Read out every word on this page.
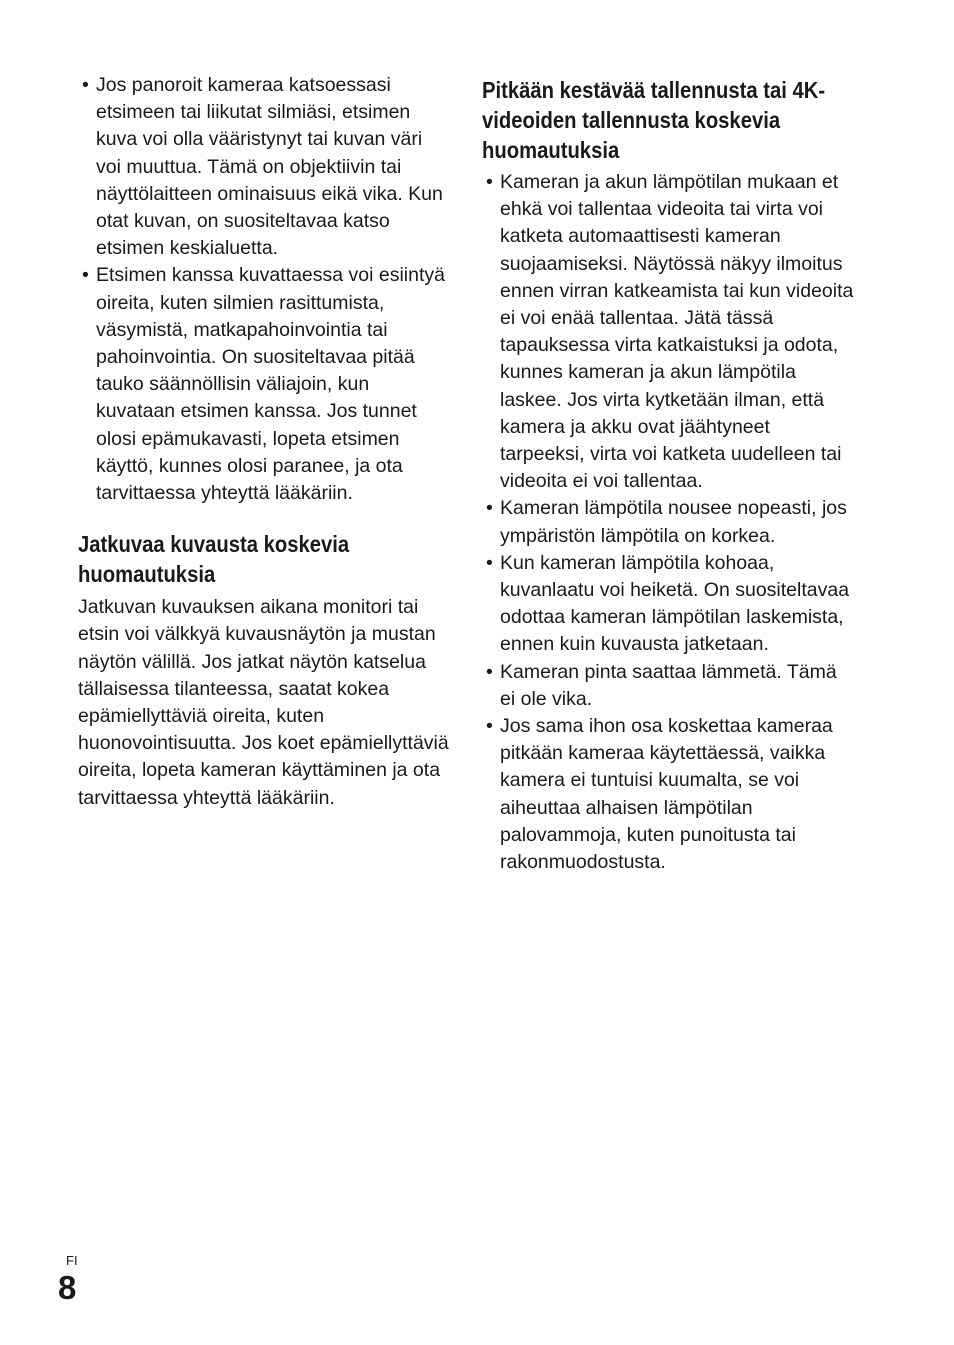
• Jos panoroit kameraa katsoessasi etsimeen tai liikutat silmiäsi, etsimen kuva voi olla vääristynyt tai kuvan väri voi muuttua. Tämä on objektiivin tai näyttölaitteen ominaisuus eikä vika. Kun otat kuvan, on suositeltavaa katso etsimen keskialuetta.
• Etsimen kanssa kuvattaessa voi esiintyä oireita, kuten silmien rasittumista, väsymistä, matkapahoinvointia tai pahoinvointia. On suositeltavaa pitää tauko säännöllisin väliajoin, kun kuvataan etsimen kanssa. Jos tunnet olosi epämukavasti, lopeta etsimen käyttö, kunnes olosi paranee, ja ota tarvittaessa yhteyttä lääkäriin.
Jatkuvaa kuvausta koskevia huomautuksia

Jatkuvan kuvauksen aikana monitori tai etsin voi välkkyä kuvausnäytön ja mustan näytön välillä. Jos jatkat näytön katselua tällaisessa tilanteessa, saatat kokea epämiellyttäviä oireita, kuten huonovointisuutta. Jos koet epämiellyttäviä oireita, lopeta kameran käyttäminen ja ota tarvittaessa yhteyttä lääkäriin.

Pitkään kestävää tallennusta tai 4K-videoiden tallennusta koskevia huomautuksia
• Kameran ja akun lämpötilan mukaan et ehkä voi tallentaa videoita tai virta voi katketa automaattisesti kameran suojaamiseksi. Näytössä näkyy ilmoitus ennen virran katkeamista tai kun videoita ei voi enää tallentaa. Jätä tässä tapauksessa virta katkaistuksi ja odota, kunnes kameran ja akun lämpötila laskee. Jos virta kytketään ilman, että kamera ja akku ovat jäähtyneet tarpeeksi, virta voi katketa uudelleen tai videoita ei voi tallentaa.
• Kameran lämpötila nousee nopeasti, jos ympäristön lämpötila on korkea.
• Kun kameran lämpötila kohoaa, kuvanlaatu voi heiketä. On suositeltavaa odottaa kameran lämpötilan laskemista, ennen kuin kuvausta jatketaan.
• Kameran pinta saattaa lämmetä. Tämä ei ole vika.
• Jos sama ihon osa koskettaa kameraa pitkään kameraa käytettäessä, vaikka kamera ei tuntuisi kuumalta, se voi aiheuttaa alhaisen lämpötilan palovammoja, kuten punoitusta tai rakonmuodostusta.
FI
8
